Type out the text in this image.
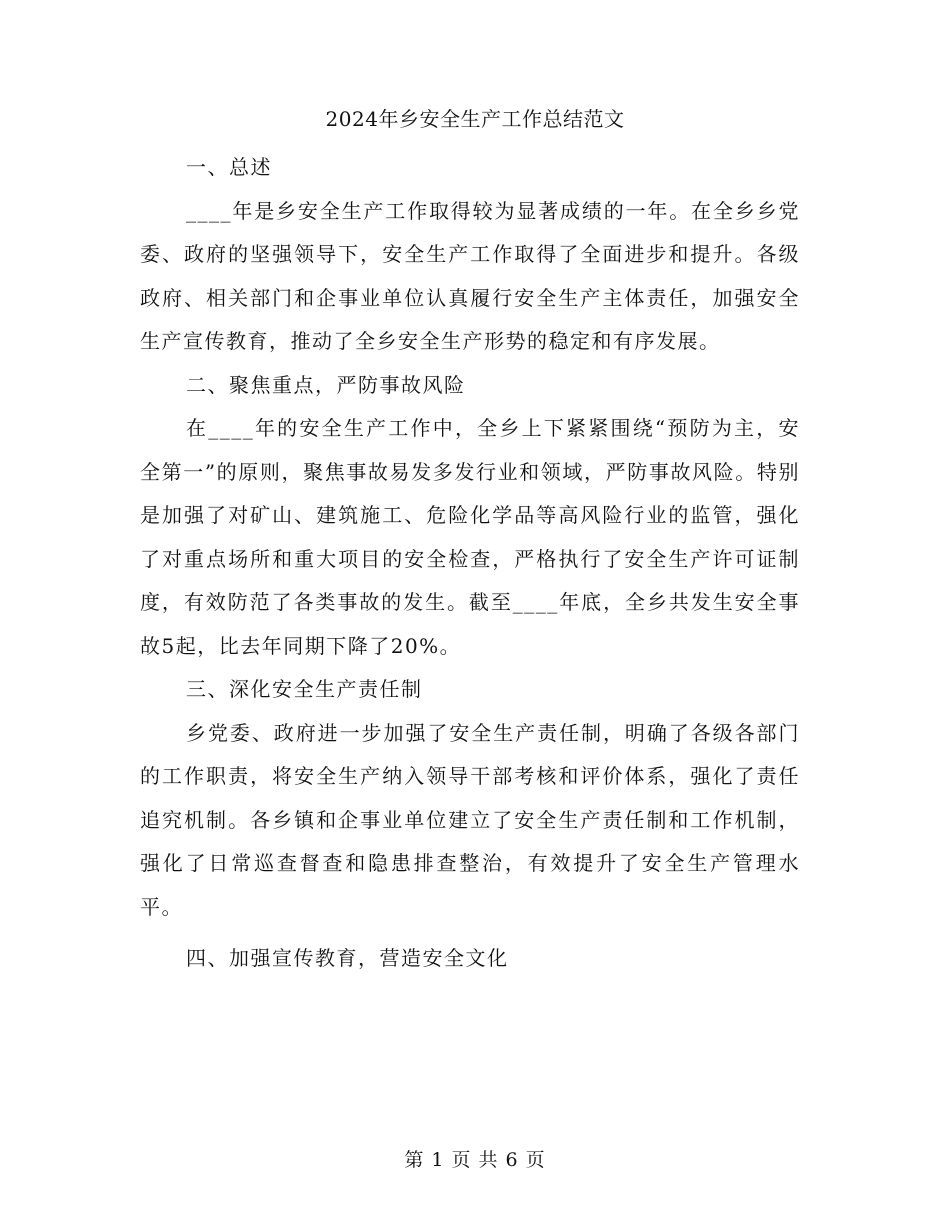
2024年乡安全生产工作总结范文

一、总述

____年是乡安全生产工作取得较为显著成绩的一年。在全乡乡党委、政府的坚强领导下，安全生产工作取得了全面进步和提升。各级政府、相关部门和企事业单位认真履行安全生产主体责任，加强安全生产宣传教育，推动了全乡安全生产形势的稳定和有序发展。

二、聚焦重点，严防事故风险

在____年的安全生产工作中，全乡上下紧紧围绕“预防为主，安全第一”的原则，聚焦事故易发多发行业和领域，严防事故风险。特别是加强了对矿山、建筑施工、危险化学品等高风险行业的监管，强化了对重点场所和重大项目的安全检查，严格执行了安全生产许可证制度，有效防范了各类事故的发生。截至____年底，全乡共发生安全事故5起，比去年同期下降了20%。

三、深化安全生产责任制

乡党委、政府进一步加强了安全生产责任制，明确了各级各部门的工作职责，将安全生产纳入领导干部考核和评价体系，强化了责任追究机制。各乡镇和企事业单位建立了安全生产责任制和工作机制，强化了日常巡查督查和隐患排查整治，有效提升了安全生产管理水平。

四、加强宣传教育，营造安全文化

第 1 页 共 6 页
